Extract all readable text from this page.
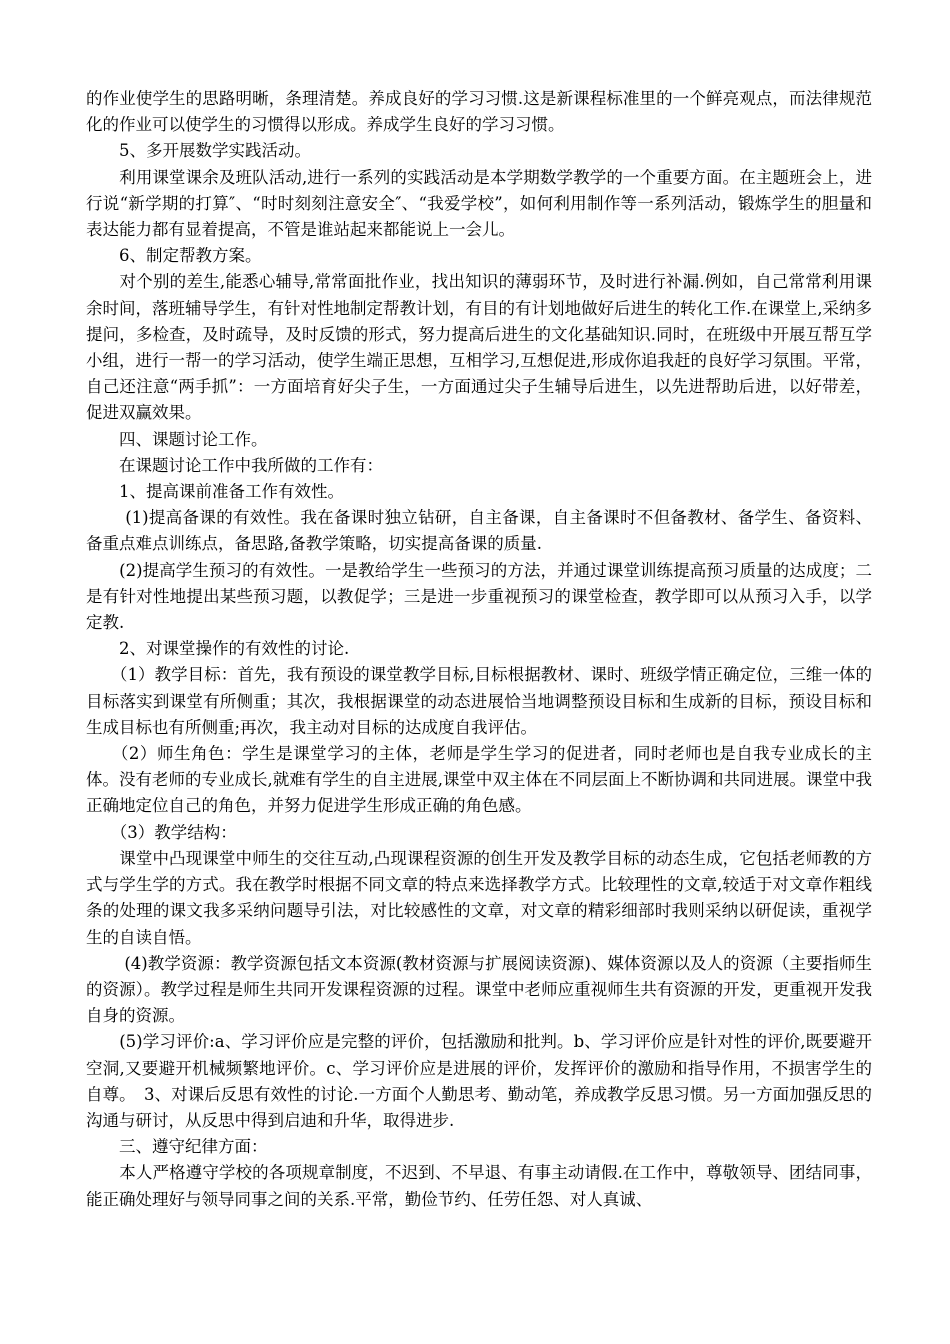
的作业使学生的思路明晰，条理清楚。养成良好的学习习惯.这是新课程标准里的一个鲜亮观点，而法律规范化的作业可以使学生的习惯得以形成。养成学生良好的学习习惯。

　　5、多开展数学实践活动。

　　利用课堂课余及班队活动,进行一系列的实践活动是本学期数学教学的一个重要方面。在主题班会上，进行说“新学期的打算″、“时时刻刻注意安全″、“我爱学校”，如何利用制作等一系列活动，锻炼学生的胆量和表达能力都有显着提高，不管是谁站起来都能说上一会儿。

　　6、制定帮教方案。

　　对个别的差生,能悉心辅导,常常面批作业，找出知识的薄弱环节，及时进行补漏.例如，自己常常利用课余时间，落班辅导学生，有针对性地制定帮教计划，有目的有计划地做好后进生的转化工作.在课堂上,采纳多提问，多检查，及时疏导，及时反馈的形式，努力提高后进生的文化基础知识.同时，在班级中开展互帮互学小组，进行一帮一的学习活动，使学生端正思想，互相学习,互想促进,形成你追我赶的良好学习氛围。平常，自己还注意“两手抓”：一方面培育好尖子生，一方面通过尖子生辅导后进生，以先进帮助后进，以好带差，促进双赢效果。

　　四、课题讨论工作。

　　在课题讨论工作中我所做的工作有：

　　1、提高课前准备工作有效性。

　　 (1)提高备课的有效性。我在备课时独立钻研，自主备课，自主备课时不但备教材、备学生、备资料、备重点难点训练点，备思路,备教学策略，切实提高备课的质量.

　　(2)提高学生预习的有效性。一是教给学生一些预习的方法，并通过课堂训练提高预习质量的达成度；二是有针对性地提出某些预习题，以教促学；三是进一步重视预习的课堂检查，教学即可以从预习入手，以学定教.

　　2、对课堂操作的有效性的讨论.

　　（1）教学目标：首先，我有预设的课堂教学目标,目标根据教材、课时、班级学情正确定位，三维一体的目标落实到课堂有所侧重；其次，我根据课堂的动态进展恰当地调整预设目标和生成新的目标，预设目标和生成目标也有所侧重;再次，我主动对目标的达成度自我评估。

　　（2）师生角色：学生是课堂学习的主体，老师是学生学习的促进者，同时老师也是自我专业成长的主体。没有老师的专业成长,就难有学生的自主进展,课堂中双主体在不同层面上不断协调和共同进展。课堂中我正确地定位自己的角色，并努力促进学生形成正确的角色感。

　　（3）教学结构：

　　课堂中凸现课堂中师生的交往互动,凸现课程资源的创生开发及教学目标的动态生成，它包括老师教的方式与学生学的方式。我在教学时根据不同文章的特点来选择教学方式。比较理性的文章,较适于对文章作粗线条的处理的课文我多采纳问题导引法，对比较感性的文章，对文章的精彩细部时我则采纳以研促读，重视学生的自读自悟。

　　 (4)教学资源：教学资源包括文本资源(教材资源与扩展阅读资源)、媒体资源以及人的资源（主要指师生的资源）。教学过程是师生共同开发课程资源的过程。课堂中老师应重视师生共有资源的开发，更重视开发我自身的资源。

　　(5)学习评价:a、学习评价应是完整的评价，包括激励和批判。b、学习评价应是针对性的评价,既要避开空洞,又要避开机械频繁地评价。c、学习评价应是进展的评价，发挥评价的激励和指导作用，不损害学生的自尊。　3、对课后反思有效性的讨论.一方面个人勤思考、勤动笔，养成教学反思习惯。另一方面加强反思的沟通与研讨，从反思中得到启迪和升华，取得进步.

　　三、遵守纪律方面：

　　本人严格遵守学校的各项规章制度，不迟到、不早退、有事主动请假.在工作中，尊敬领导、团结同事，能正确处理好与领导同事之间的关系.平常，勤俭节约、任劳任怨、对人真诚、
